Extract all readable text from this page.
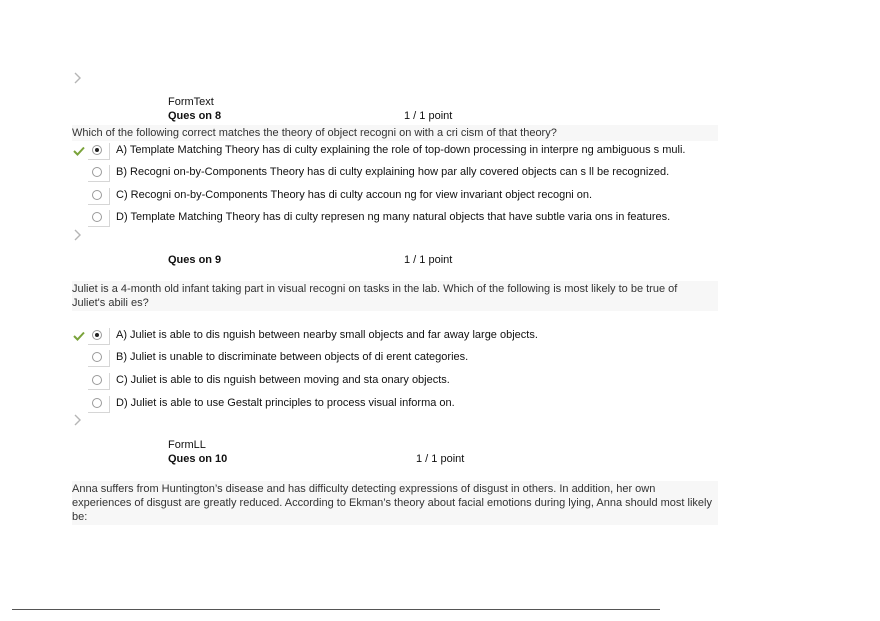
FormText
Ques on 8	1 / 1 point
Which of the following correct matches the theory of object recogni on with a cri cism of that theory?
A) Template Matching Theory has di culty explaining the role of top-down processing in interpre ng ambiguous s muli.
B) Recogni on-by-Components Theory has di culty explaining how par ally covered objects can s ll be recognized.
C) Recogni on-by-Components Theory has di culty accoun ng for view invariant object recogni on.
D) Template Matching Theory has di culty represen ng many natural objects that have subtle varia ons in features.
Ques on 9	1 / 1 point
Juliet is a 4-month old infant taking part in visual recogni on tasks in the lab. Which of the following is most likely to be true of
Juliet's abili es?
A) Juliet is able to dis nguish between nearby small objects and far away large objects.
B) Juliet is unable to discriminate between objects of di erent categories.
C) Juliet is able to dis nguish between moving and sta onary objects.
D) Juliet is able to use Gestalt principles to process visual informa on.
FormLL
Ques on 10	1 / 1 point
Anna suffers from Huntington’s disease and has difficulty detecting expressions of disgust in others. In addition, her own
experiences of disgust are greatly reduced. According to Ekman’s theory about facial emotions during lying, Anna should most likely
be:
